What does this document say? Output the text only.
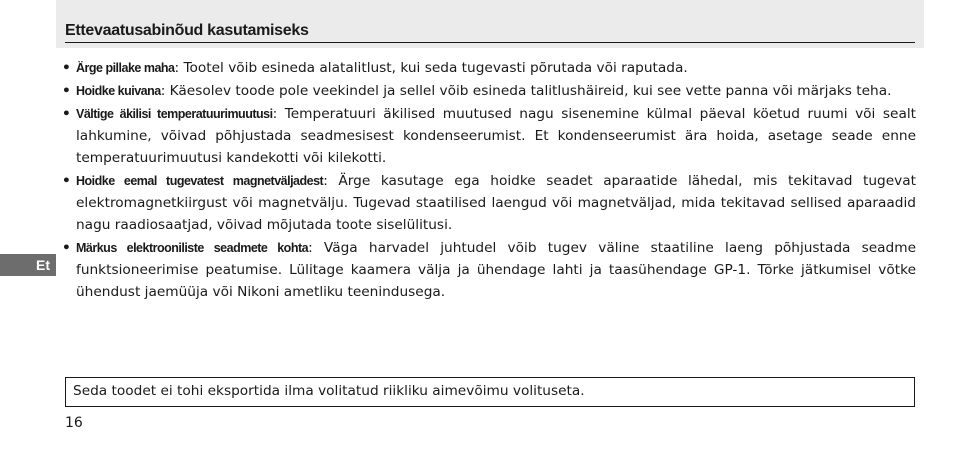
Ettevaatusabinõud kasutamiseks
Et
• Ärge pillake maha: Tootel võib esineda alatalitlust, kui seda tugevasti põrutada või raputada.
• Hoidke kuivana: Käesolev toode pole veekindel ja sellel võib esineda talitlushäireid, kui see vette panna või märjaks teha.
• Vältige äkilisi temperatuurimuutusi: Temperatuuri äkilised muutused nagu sisenemine külmal päeval köetud ruumi või sealt lahkumine, võivad põhjustada seadmesisest kondenseerumist. Et kondenseerumist ära hoida, asetage seade enne temperatuurimuutusi kandekotti või kilekotti.
• Hoidke eemal tugevatest magnetväljadest: Ärge kasutage ega hoidke seadet aparaatide lähedal, mis tekitavad tugevat elektromagnetkiirgust või magnetvälju. Tugevad staatilised laengud või magnetväljad, mida tekitavad sellised aparaadid nagu raadiosaatjad, võivad mõjutada toote siselülitusi.
• Märkus elektrooniliste seadmete kohta: Väga harvadel juhtudel võib tugev väline staatiline laeng põhjustada seadme funktsioneerimise peatumise. Lülitage kaamera välja ja ühendage lahti ja taasühendage GP-1. Tõrke jätkumisel võtke ühendust jaemüüja või Nikoni ametliku teenindusega.
Seda toodet ei tohi eksportida ilma volitatud riikliku aimevõimu volituseta.
16
